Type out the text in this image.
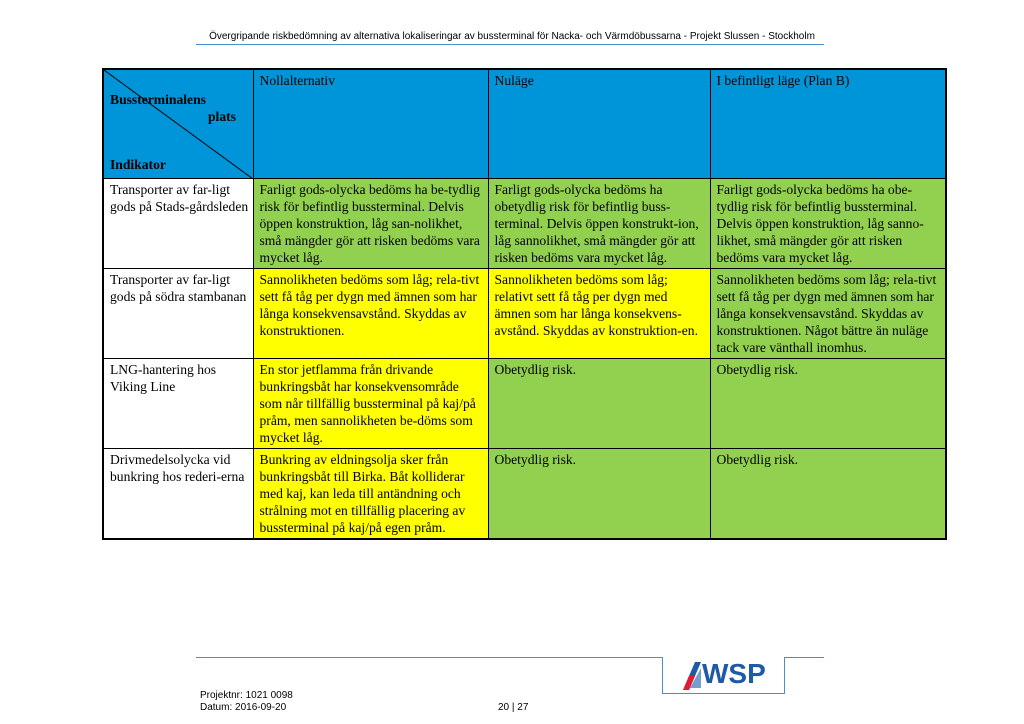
Övergripande riskbedömning av alternativa lokaliseringar av bussterminal för Nacka- och Värmdöbussarna - Projekt Slussen - Stockholm
Bussterminalens
plats
Indikator	Nollalternativ	Nuläge	I befintligt läge (Plan B)
Transporter av far-ligt gods på Stads-gårdsleden	Farligt gods-olycka bedöms ha be-tydlig risk för befintlig bussterminal. Delvis öppen konstruktion, låg san-nolikhet, små mängder gör att risken bedöms vara mycket låg.	Farligt gods-olycka bedöms ha obetydlig risk för befintlig buss-terminal. Delvis öppen konstrukt-ion, låg sannolikhet, små mängder gör att risken bedöms vara mycket låg.	Farligt gods-olycka bedöms ha obe-tydlig risk för befintlig bussterminal. Delvis öppen konstruktion, låg sanno-likhet, små mängder gör att risken bedöms vara mycket låg.
Transporter av far-ligt gods på södra stambanan	Sannolikheten bedöms som låg; rela-tivt sett få tåg per dygn med ämnen som har långa konsekvensavstånd. Skyddas av konstruktionen.	Sannolikheten bedöms som låg; relativt sett få tåg per dygn med ämnen som har långa konsekvens-avstånd. Skyddas av konstruktion-en.	Sannolikheten bedöms som låg; rela-tivt sett få tåg per dygn med ämnen som har långa konsekvensavstånd. Skyddas av konstruktionen. Något bättre än nuläge tack vare vänthall inomhus.
LNG-hantering hos Viking Line	En stor jetflamma från drivande bunkringsbåt har konsekvensområde som når tillfällig bussterminal på kaj/på pråm, men sannolikheten be-döms som mycket låg.	Obetydlig risk.	Obetydlig risk.
Drivmedelsolycka vid bunkring hos rederi-erna	Bunkring av eldningsolja sker från bunkringsbåt till Birka. Båt kolliderar med kaj, kan leda till antändning och strålning mot en tillfällig placering av bussterminal på kaj/på egen pråm.	Obetydlig risk.	Obetydlig risk.
WSP
Projektnr: 1021 0098
Datum: 2016-09-20	20 | 27
